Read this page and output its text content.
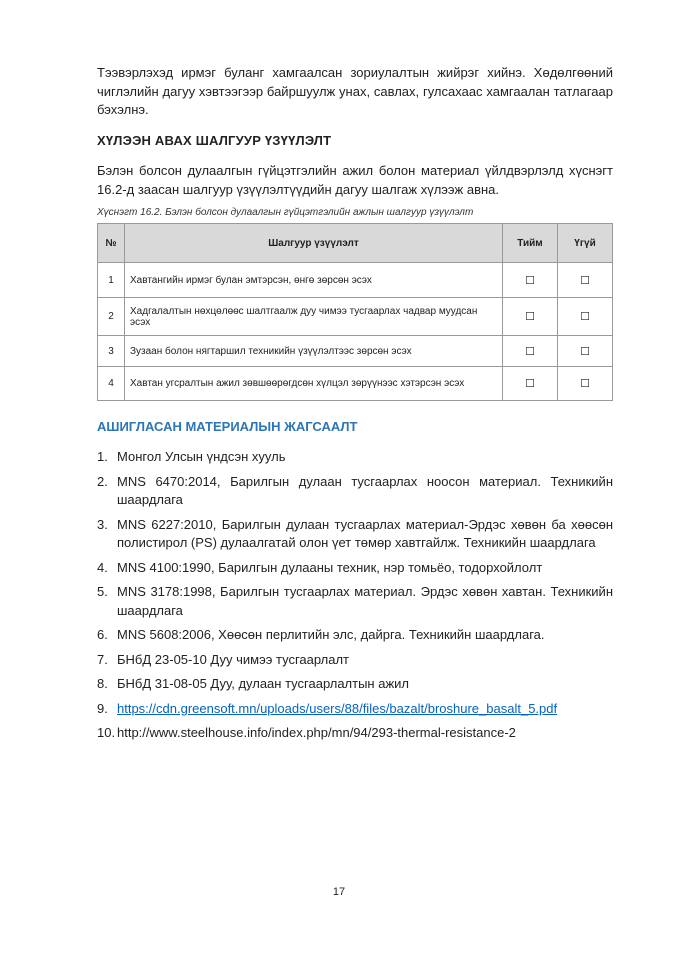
Тээвэрлэхэд ирмэг буланг хамгаалсан зориулалтын жийрэг хийнэ. Хөдөлгөөний чиглэлийн дагуу хэвтээгээр байршуулж унах, савлах, гулсахаас хамгаалан татлагаар бэхэлнэ.

ХҮЛЭЭН АВАХ ШАЛГУУР ҮЗҮҮЛЭЛТ

Бэлэн болсон дулаалгын гүйцэтгэлийн ажил болон материал үйлдвэрлэлд хүснэгт 16.2-д заасан шалгуур үзүүлэлтүүдийн дагуу шалгаж хүлээж авна.

Хүснэгт 16.2. Бэлэн болсон дулаалгын гүйцэтгэлийн ажлын шалгуур үзүүлэлт
№	Шалгуур үзүүлэлт	Тийм	Үгүй
1	Хавтангийн ирмэг булан эмтэрсэн, өнгө зөрсөн эсэх	☐	☐
2	Хадгалалтын нөхцөлөөс шалтгаалж дуу чимээ тусгаарлах чадвар муудсан эсэх	☐	☐
3	Зузаан болон нягтаршил техникийн үзүүлэлтээс зөрсөн эсэх	☐	☐
4	Хавтан угсралтын ажил зөвшөөрөгдсөн хүлцэл зөрүүнээс хэтэрсэн эсэх	☐	☐
АШИГЛАСАН МАТЕРИАЛЫН ЖАГСААЛТ
1. Монгол Улсын үндсэн хууль
2. MNS 6470:2014, Барилгын дулаан тусгаарлах ноосон материал. Техникийн шаардлага
3. MNS 6227:2010, Барилгын дулаан тусгаарлах материал-Эрдэс хөвөн ба хөөсөн полистирол (PS) дулаалгатай олон үет төмөр хавтгайлж. Техникийн шаардлага
4. MNS 4100:1990, Барилгын дулааны техник, нэр томьёо, тодорхойлолт
5. MNS 3178:1998, Барилгын тусгаарлах материал. Эрдэс хөвөн хавтан. Техникийн шаардлага
6. MNS 5608:2006, Хөөсөн перлитийн элс, дайрга. Техникийн шаардлага.
7. БНбД 23-05-10 Дуу чимээ тусгаарлалт
8. БНбД 31-08-05 Дуу, дулаан тусгаарлалтын ажил
9. https://cdn.greensoft.mn/uploads/users/88/files/bazalt/broshure_basalt_5.pdf
10. http://www.steelhouse.info/index.php/mn/94/293-thermal-resistance-2
17
